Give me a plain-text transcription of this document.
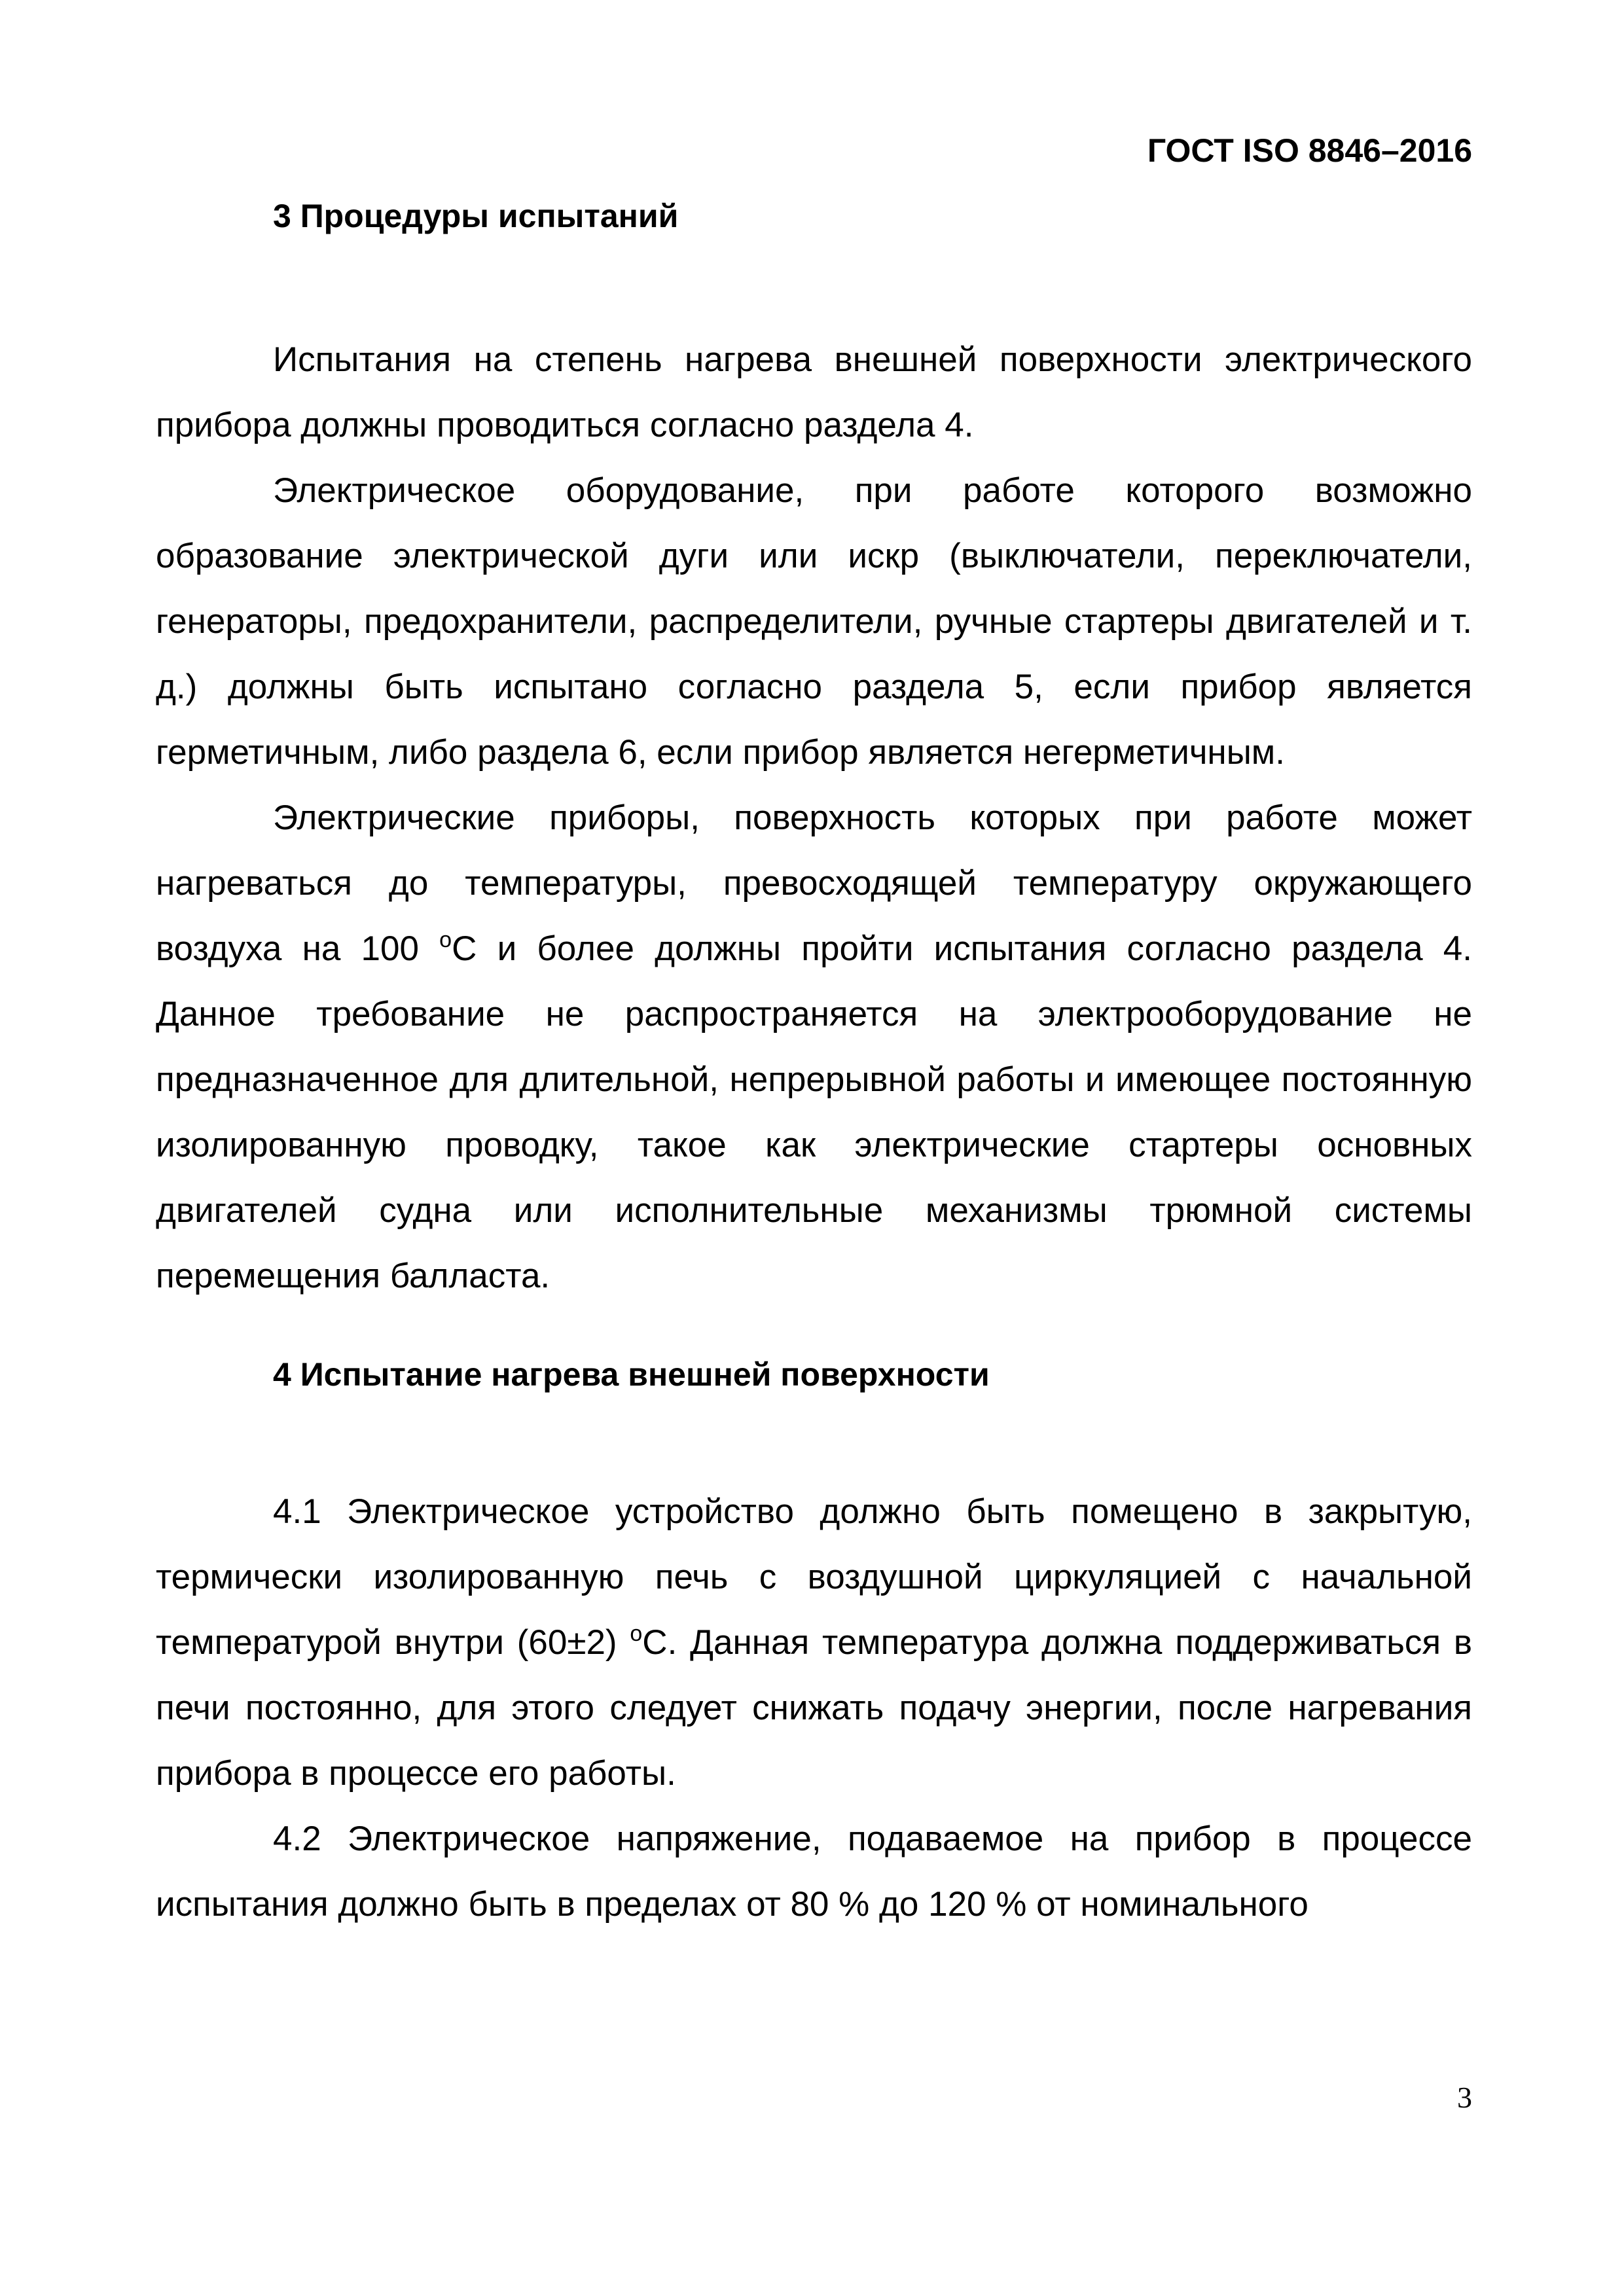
ГОСТ ISO 8846–2016
3 Процедуры испытаний

Испытания на степень нагрева внешней поверхности электрического прибора должны проводиться согласно раздела 4.

Электрическое оборудование, при работе которого возможно образование электрической дуги или искр (выключатели, переключатели, генераторы, предохранители, распределители, ручные стартеры двигателей и т. д.) должны быть испытано согласно раздела 5, если прибор является герметичным, либо раздела 6, если прибор является негерметичным.

Электрические приборы, поверхность которых при работе может нагреваться до температуры, превосходящей температуру окружающего воздуха на 100 $^о$С и более должны пройти испытания согласно раздела 4. Данное требование не распространяется на электрооборудование не предназначенное для длительной, непрерывной работы и имеющее постоянную изолированную проводку, такое как электрические стартеры основных двигателей судна или исполнительные механизмы трюмной системы перемещения балласта.

4 Испытание нагрева внешней поверхности

4.1 Электрическое устройство должно быть помещено в закрытую, термически изолированную печь с воздушной циркуляцией с начальной температурой внутри (60±2) $^о$С. Данная температура должна поддерживаться в печи постоянно, для этого следует снижать подачу энергии, после нагревания прибора в процессе его работы.

4.2 Электрическое напряжение, подаваемое на прибор в процессе испытания должно быть в пределах от 80 % до 120 % от номинального

3
